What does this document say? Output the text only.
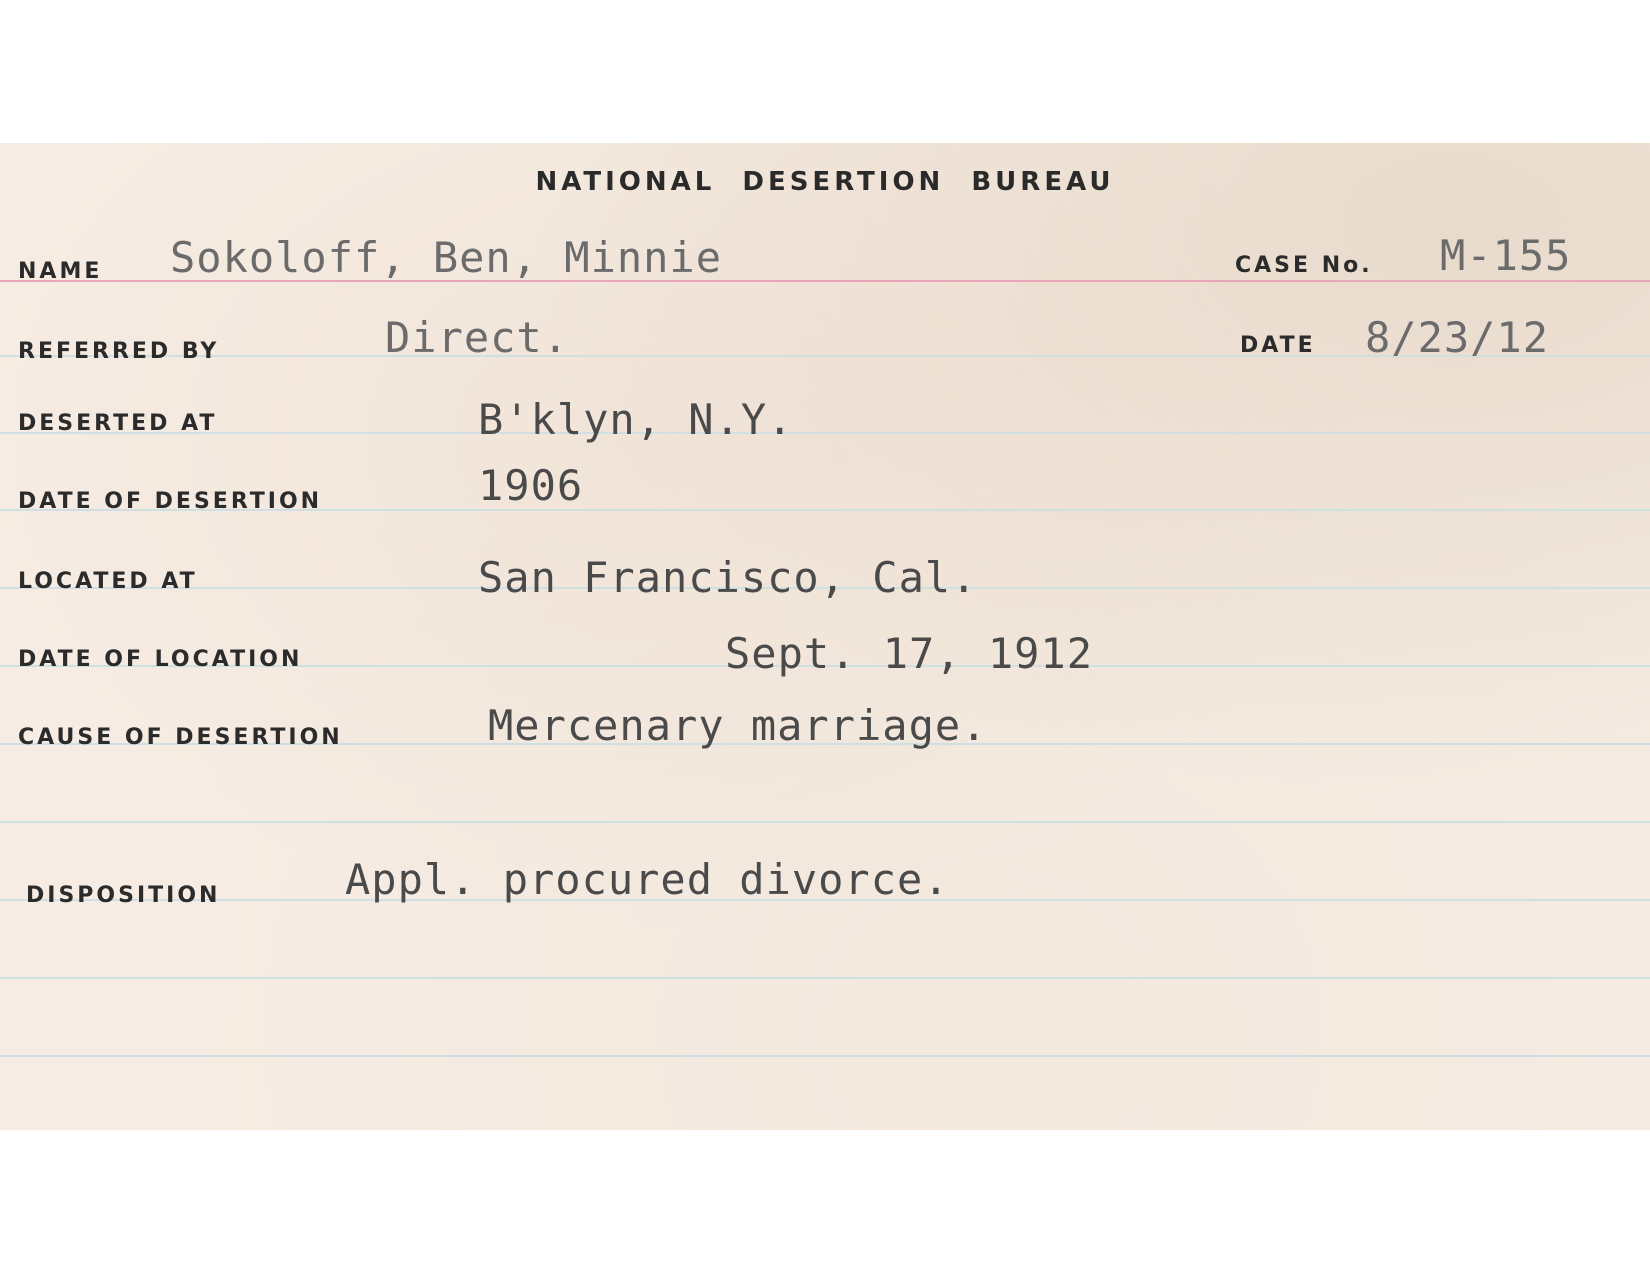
NATIONAL DESERTION BUREAU
NAME Sokoloff, Ben, Minnie	CASE No. M-155
REFERRED BY	Direct.	DATE 8/23/12
DESERTED AT	B'klyn, N.Y.
DATE OF DESERTION	1906
LOCATED AT	San Francisco, Cal.
DATE OF LOCATION	Sept. 17, 1912
CAUSE OF DESERTION	Mercenary marriage.
DISPOSITION	Appl. procured divorce.
